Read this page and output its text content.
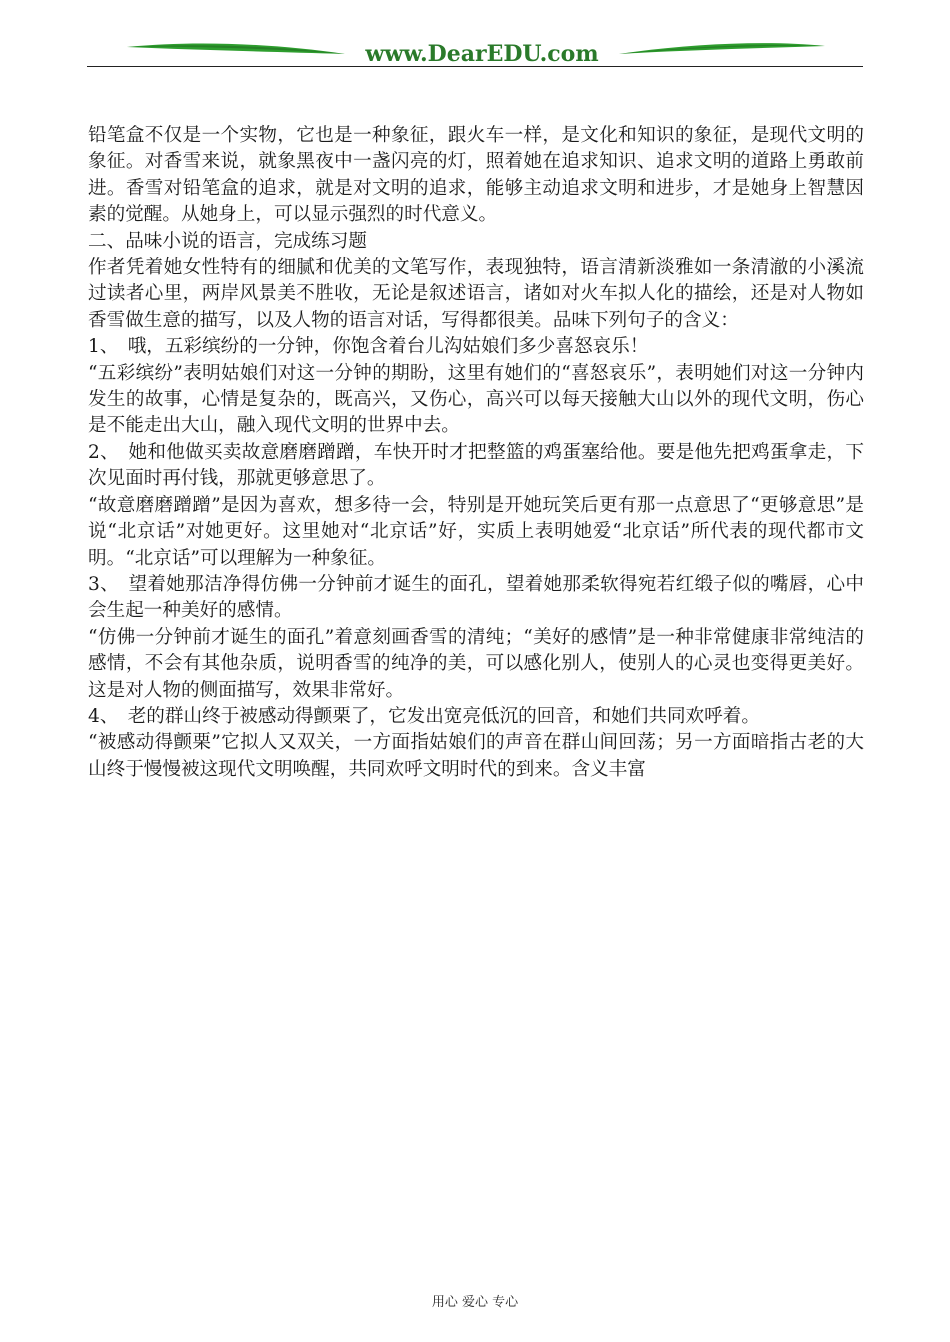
www.DearEDU.com

铅笔盒不仅是一个实物，它也是一种象征，跟火车一样，是文化和知识的象征，是现代文明的象征。对香雪来说，就象黑夜中一盏闪亮的灯，照着她在追求知识、追求文明的道路上勇敢前进。香雪对铅笔盒的追求，就是对文明的追求，能够主动追求文明和进步，才是她身上智慧因素的觉醒。从她身上，可以显示强烈的时代意义。

二、品味小说的语言，完成练习题

作者凭着她女性特有的细腻和优美的文笔写作，表现独特，语言清新淡雅如一条清澈的小溪流过读者心里，两岸风景美不胜收，无论是叙述语言，诸如对火车拟人化的描绘，还是对人物如香雪做生意的描写，以及人物的语言对话，写得都很美。品味下列句子的含义：

1、　哦，五彩缤纷的一分钟，你饱含着台儿沟姑娘们多少喜怒哀乐！

“五彩缤纷”表明姑娘们对这一分钟的期盼，这里有她们的“喜怒哀乐”，表明她们对这一分钟内发生的故事，心情是复杂的，既高兴，又伤心，高兴可以每天接触大山以外的现代文明，伤心是不能走出大山，融入现代文明的世界中去。

2、　她和他做买卖故意磨磨蹭蹭，车快开时才把整篮的鸡蛋塞给他。要是他先把鸡蛋拿走，下次见面时再付钱，那就更够意思了。

“故意磨磨蹭蹭”是因为喜欢，想多待一会，特别是开她玩笑后更有那一点意思了“更够意思”是说“北京话”对她更好。这里她对“北京话”好，实质上表明她爱“北京话”所代表的现代都市文明。“北京话”可以理解为一种象征。

3、　望着她那洁净得仿佛一分钟前才诞生的面孔，望着她那柔软得宛若红缎子似的嘴唇，心中会生起一种美好的感情。

“仿佛一分钟前才诞生的面孔”着意刻画香雪的清纯；“美好的感情”是一种非常健康非常纯洁的感情，不会有其他杂质，说明香雪的纯净的美，可以感化别人，使别人的心灵也变得更美好。这是对人物的侧面描写，效果非常好。

4、　老的群山终于被感动得颤栗了，它发出宽亮低沉的回音，和她们共同欢呼着。

“被感动得颤栗”它拟人又双关，一方面指姑娘们的声音在群山间回荡；另一方面暗指古老的大山终于慢慢被这现代文明唤醒，共同欢呼文明时代的到来。含义丰富

用心 爱心 专心
